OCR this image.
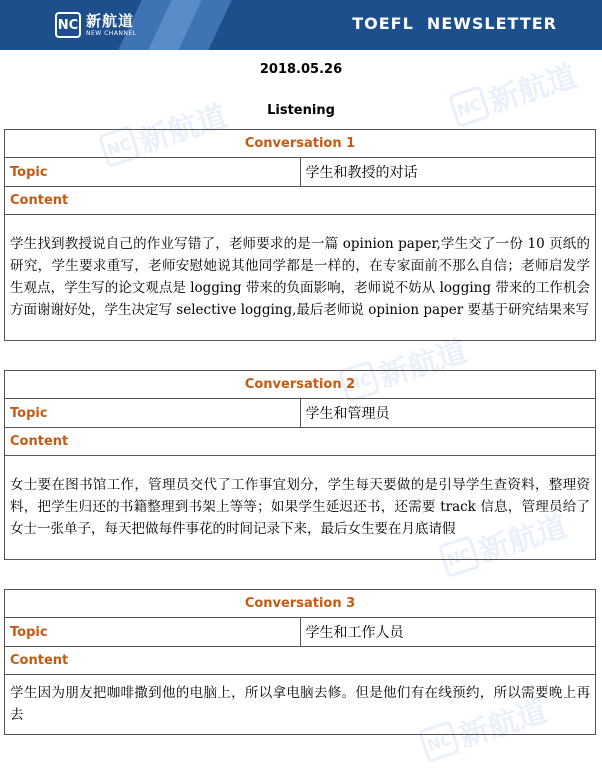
NC 新航道
NEW CHANNEL	TOEFL  NEWSLETTER
NC 新航道	NC 新航道
NC 新航道
NC 新航道
NC 新航道
2018.05.26
Listening
Conversation 1
Topic	学生和教授的对话
Content
学生找到教授说自己的作业写错了，老师要求的是一篇 opinion paper,学生交了一份 10 页纸的研究，学生要求重写，老师安慰她说其他同学都是一样的，在专家面前不那么自信；老师启发学生观点，学生写的论文观点是 logging 带来的负面影响，老师说不妨从 logging 带来的工作机会方面谢谢好处，学生决定写 selective logging,最后老师说 opinion paper 要基于研究结果来写
Conversation 2
Topic	学生和管理员
Content
女士要在图书馆工作，管理员交代了工作事宜划分，学生每天要做的是引导学生查资料，整理资料，把学生归还的书籍整理到书架上等等；如果学生延迟还书，还需要 track 信息，管理员给了女士一张单子，每天把做每件事花的时间记录下来，最后女生要在月底请假
Conversation 3
Topic	学生和工作人员
Content
学生因为朋友把咖啡撒到他的电脑上，所以拿电脑去修。但是他们有在线预约，所以需要晚上再去
